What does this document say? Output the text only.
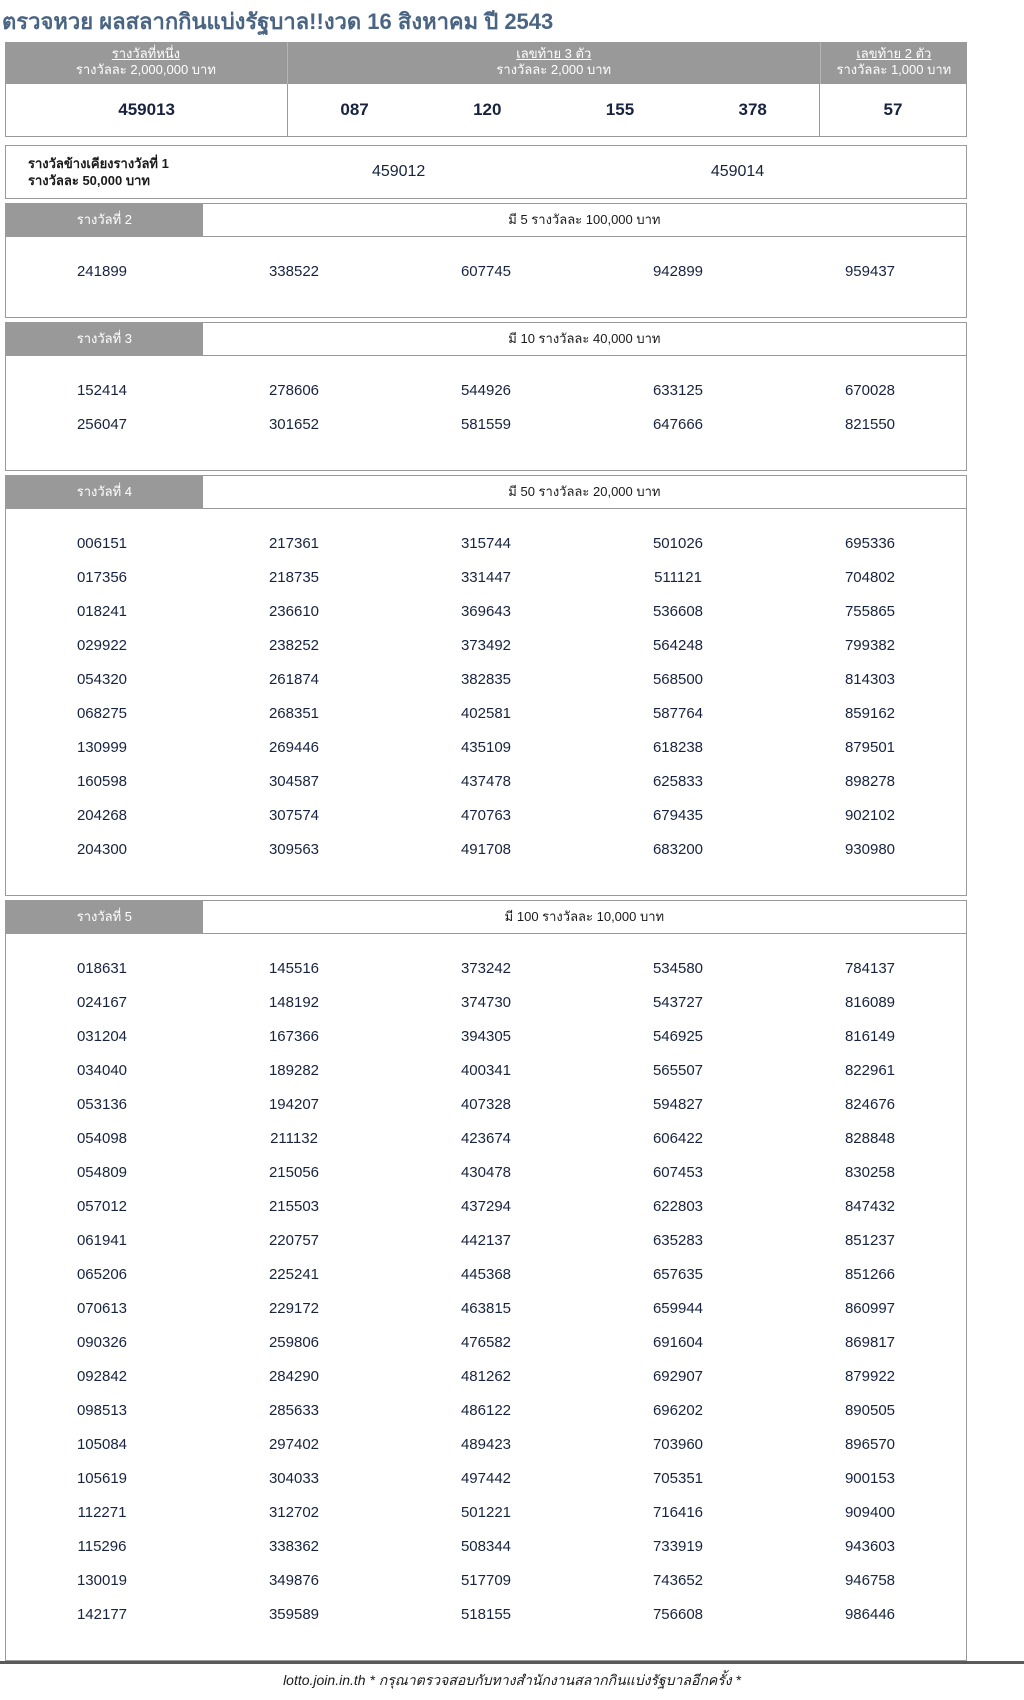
ตรวจหวย ผลสลากกินแบ่งรัฐบาล!!งวด 16 สิงหาคม ปี 2543
รางวัลที่หนึ่ง
รางวัลละ 2,000,000 บาท
เลขท้าย 3 ตัว
รางวัลละ 2,000 บาท
เลขท้าย 2 ตัว
รางวัลละ 1,000 บาท
459013	087	120	155	378	57
รางวัลข้างเคียงรางวัลที่ 1
รางวัลละ 50,000 บาท
459012	459014
รางวัลที่ 2	มี 5 รางวัลละ 100,000 บาท
241899	338522	607745	942899	959437
รางวัลที่ 3	มี 10 รางวัลละ 40,000 บาท
152414	278606	544926	633125	670028
256047	301652	581559	647666	821550
รางวัลที่ 4	มี 50 รางวัลละ 20,000 บาท
006151	217361	315744	501026	695336
017356	218735	331447	511121	704802
018241	236610	369643	536608	755865
029922	238252	373492	564248	799382
054320	261874	382835	568500	814303
068275	268351	402581	587764	859162
130999	269446	435109	618238	879501
160598	304587	437478	625833	898278
204268	307574	470763	679435	902102
204300	309563	491708	683200	930980
รางวัลที่ 5	มี 100 รางวัลละ 10,000 บาท
018631	145516	373242	534580	784137
024167	148192	374730	543727	816089
031204	167366	394305	546925	816149
034040	189282	400341	565507	822961
053136	194207	407328	594827	824676
054098	211132	423674	606422	828848
054809	215056	430478	607453	830258
057012	215503	437294	622803	847432
061941	220757	442137	635283	851237
065206	225241	445368	657635	851266
070613	229172	463815	659944	860997
090326	259806	476582	691604	869817
092842	284290	481262	692907	879922
098513	285633	486122	696202	890505
105084	297402	489423	703960	896570
105619	304033	497442	705351	900153
112271	312702	501221	716416	909400
115296	338362	508344	733919	943603
130019	349876	517709	743652	946758
142177	359589	518155	756608	986446
lotto.join.in.th * กรุณาตรวจสอบกับทางสำนักงานสลากกินแบ่งรัฐบาลอีกครั้ง *
